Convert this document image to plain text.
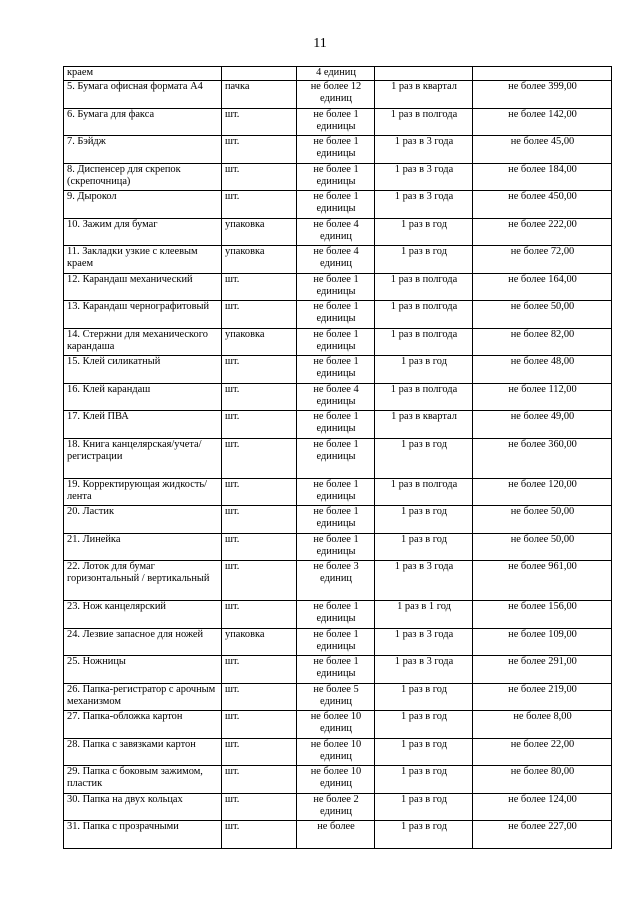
11
краем		4 единиц		
5. Бумага офисная формата А4	пачка	не более 12 единиц	1 раз в квартал	не более 399,00
6. Бумага для факса	шт.	не более 1 единицы	1 раз в полгода	не более 142,00
7. Бэйдж	шт.	не более 1 единицы	1 раз в 3 года	не более 45,00
8. Диспенсер для скрепок (скрепочница)	шт.	не более 1 единицы	1 раз в 3 года	не более 184,00
9. Дырокол	шт.	не более 1 единицы	1 раз в 3 года	не более 450,00
10. Зажим для бумаг	упаковка	не более 4 единиц	1 раз в год	не более 222,00
11. Закладки узкие с клеевым краем	упаковка	не более 4 единиц	1 раз в год	не более 72,00
12. Карандаш механический	шт.	не более 1 единицы	1 раз в полгода	не более 164,00
13. Карандаш чернографитовый	шт.	не более 1 единицы	1 раз в полгода	не более 50,00
14. Стержни для механического карандаша	упаковка	не более 1 единицы	1 раз в полгода	не более 82,00
15. Клей силикатный	шт.	не более 1 единицы	1 раз в год	не более 48,00
16. Клей карандаш	шт.	не более 4 единицы	1 раз в полгода	не более 112,00
17. Клей ПВА	шт.	не более 1 единицы	1 раз в квартал	не более 49,00
18. Книга канцелярская/учета/регистрации	шт.	не более 1 единицы	1 раз в год	не более 360,00
19. Корректирующая жидкость/лента	шт.	не более 1 единицы	1 раз в полгода	не более 120,00
20. Ластик	шт.	не более 1 единицы	1 раз в год	не более 50,00
21. Линейка	шт.	не более 1 единицы	1 раз в год	не более 50,00
22. Лоток для бумаг горизонтальный / вертикальный	шт.	не более 3 единиц	1 раз в 3 года	не более 961,00
23. Нож канцелярский	шт.	не более 1 единицы	1 раз в 1 год	не более 156,00
24. Лезвие запасное для ножей	упаковка	не более 1 единицы	1 раз в 3 года	не более 109,00
25. Ножницы	шт.	не более 1 единицы	1 раз в 3 года	не более 291,00
26. Папка-регистратор с арочным механизмом	шт.	не более 5 единиц	1 раз в год	не более 219,00
27. Папка-обложка картон	шт.	не более 10 единиц	1 раз в год	не более 8,00
28. Папка с завязками картон	шт.	не более 10 единиц	1 раз в год	не более 22,00
29. Папка с боковым зажимом, пластик	шт.	не более 10 единиц	1 раз в год	не более 80,00
30. Папка на двух кольцах	шт.	не более 2 единиц	1 раз в год	не более 124,00
31. Папка с прозрачными	шт.	не более	1 раз в год	не более 227,00
